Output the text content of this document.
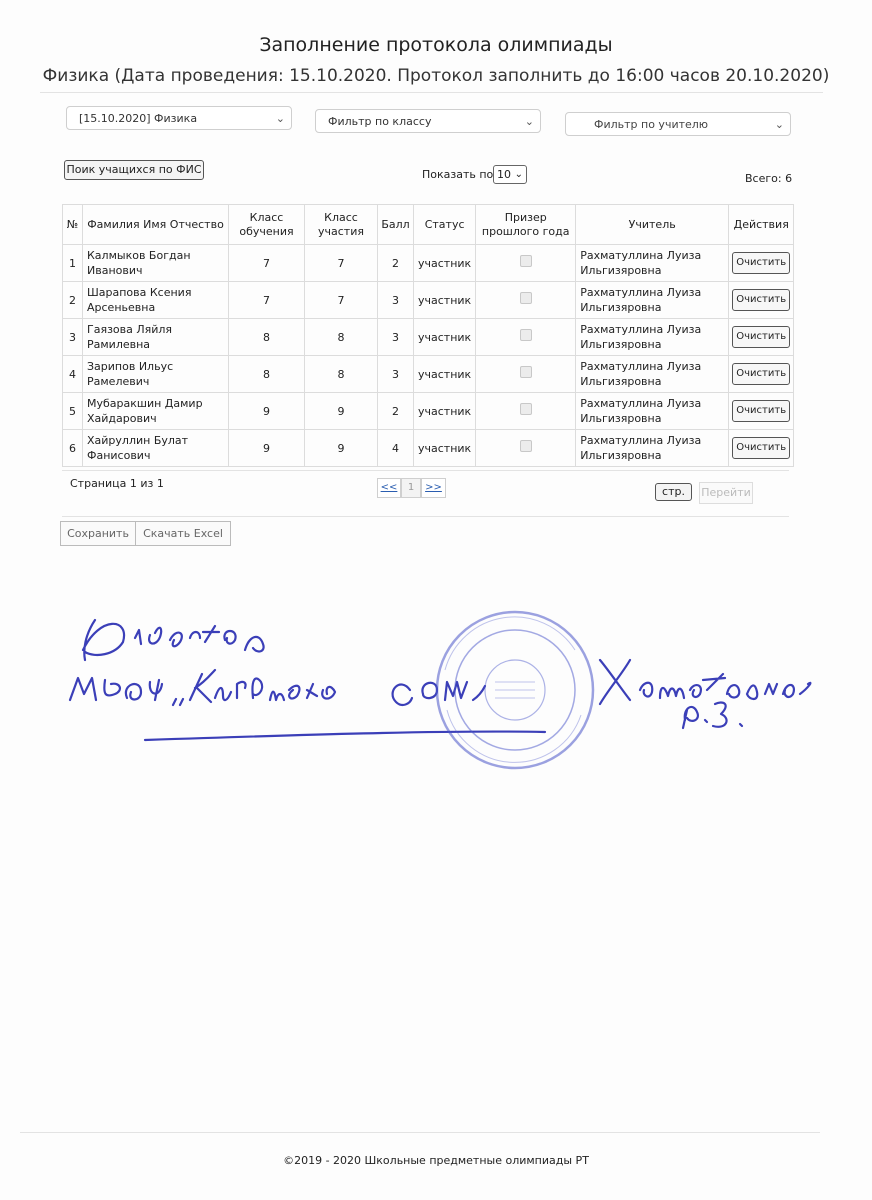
Заполнение протокола олимпиады
Физика (Дата проведения: 15.10.2020. Протокол заполнить до 16:00 часов 20.10.2020)
[15.10.2020] Физика	⌄	Фильтр по классу	⌄	Фильтр по учителю	⌄
Поик учащихся по ФИС	Показать по 10 ⌄	Всего: 6
№	Фамилия Имя Отчество	Класс обучения	Класс участия	Балл	Статус	Призер прошлого года	Учитель	Действия
1	Калмыков Богдан Иванович	7	7	2	участник		Рахматуллина Луиза Ильгизяровна	Очистить
2	Шарапова Ксения Арсеньевна	7	7	3	участник		Рахматуллина Луиза Ильгизяровна	Очистить
3	Гаязова Ляйля Рамилевна	8	8	3	участник		Рахматуллина Луиза Ильгизяровна	Очистить
4	Зарипов Ильус Рамелевич	8	8	3	участник		Рахматуллина Луиза Ильгизяровна	Очистить
5	Мубаракшин Дамир Хайдарович	9	9	2	участник		Рахматуллина Луиза Ильгизяровна	Очистить
6	Хайруллин Булат Фанисович	9	9	4	участник		Рахматуллина Луиза Ильгизяровна	Очистить
Страница 1 из 1	<<	1	>>	стр.	Перейти
Сохранить	Скачать Excel
©2019 - 2020 Школьные предметные олимпиады РТ
